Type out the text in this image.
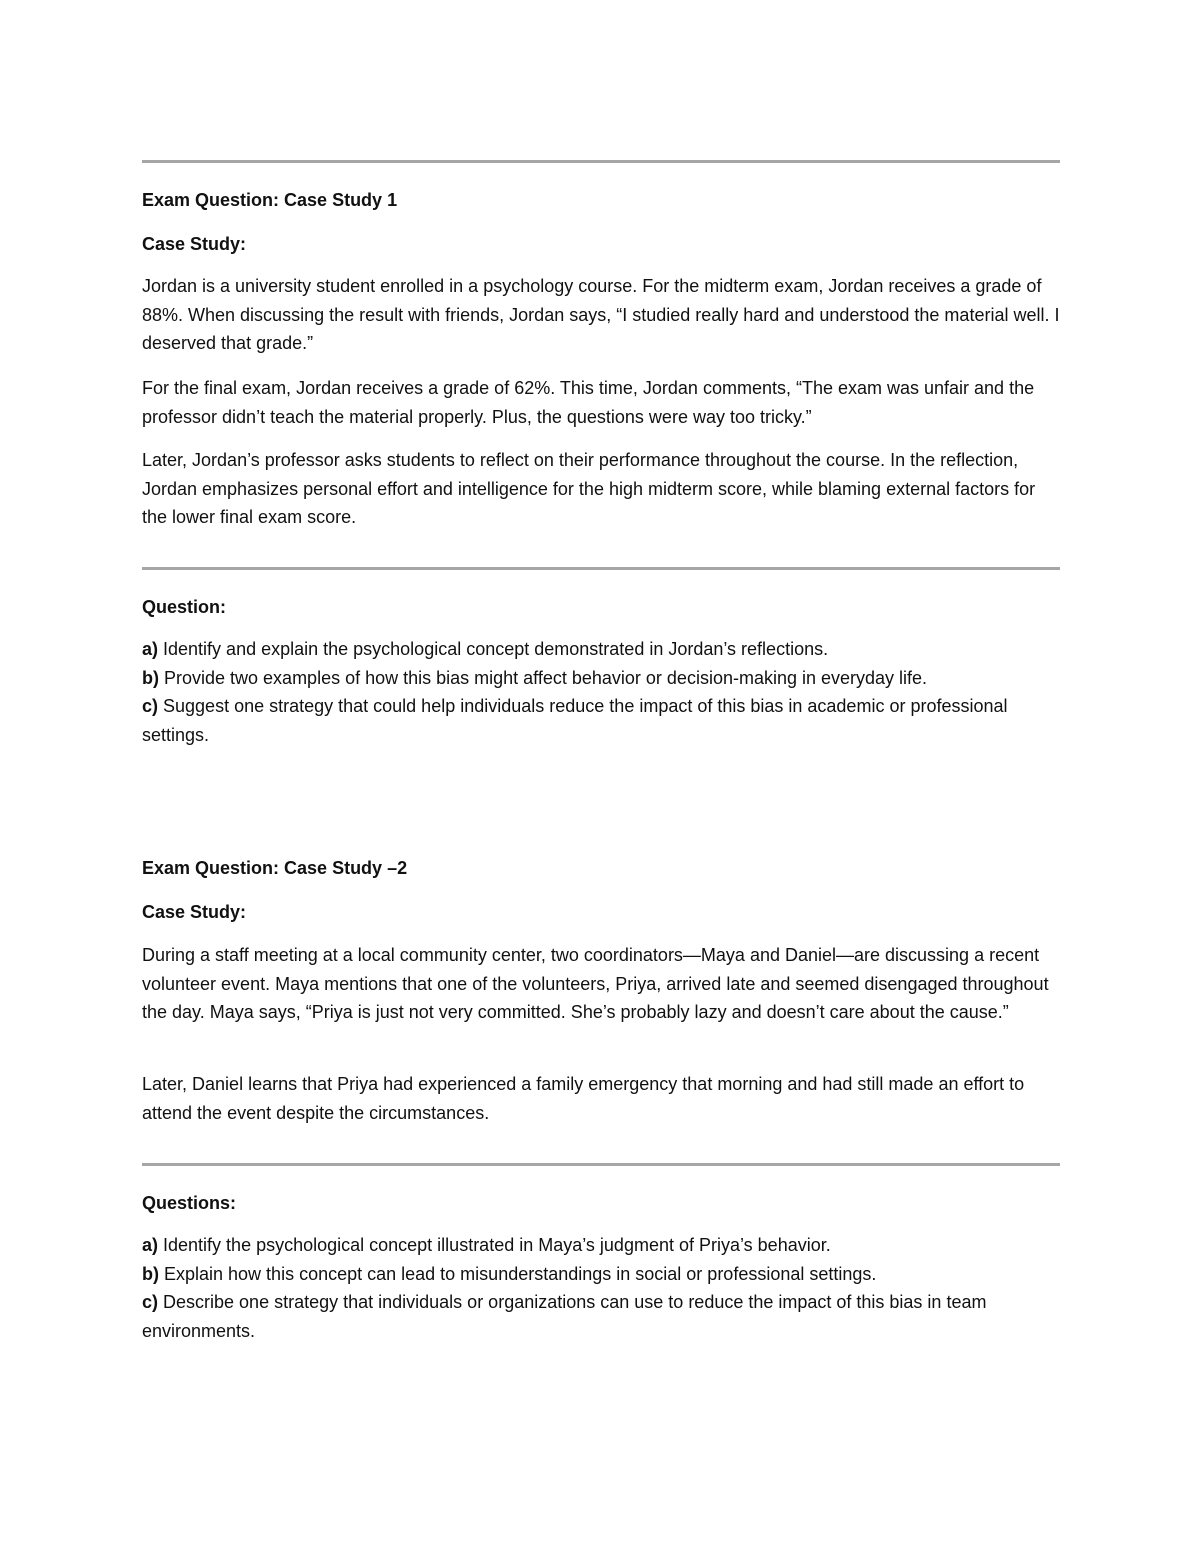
Exam Question: Case Study 1

Case Study:

Jordan is a university student enrolled in a psychology course. For the midterm exam, Jordan receives a grade of 88%. When discussing the result with friends, Jordan says, “I studied really hard and understood the material well. I deserved that grade.”

For the final exam, Jordan receives a grade of 62%. This time, Jordan comments, “The exam was unfair and the professor didn’t teach the material properly. Plus, the questions were way too tricky.”

Later, Jordan’s professor asks students to reflect on their performance throughout the course. In the reflection, Jordan emphasizes personal effort and intelligence for the high midterm score, while blaming external factors for the lower final exam score.

Question:

a) Identify and explain the psychological concept demonstrated in Jordan’s reflections.

b) Provide two examples of how this bias might affect behavior or decision-making in everyday life.

c) Suggest one strategy that could help individuals reduce the impact of this bias in academic or professional settings.

Exam Question: Case Study –2

Case Study:

During a staff meeting at a local community center, two coordinators—Maya and Daniel—are discussing a recent volunteer event. Maya mentions that one of the volunteers, Priya, arrived late and seemed disengaged throughout the day. Maya says, “Priya is just not very committed. She’s probably lazy and doesn’t care about the cause.”

Later, Daniel learns that Priya had experienced a family emergency that morning and had still made an effort to attend the event despite the circumstances.

Questions:

a) Identify the psychological concept illustrated in Maya’s judgment of Priya’s behavior.

b) Explain how this concept can lead to misunderstandings in social or professional settings.

c) Describe one strategy that individuals or organizations can use to reduce the impact of this bias in team environments.
